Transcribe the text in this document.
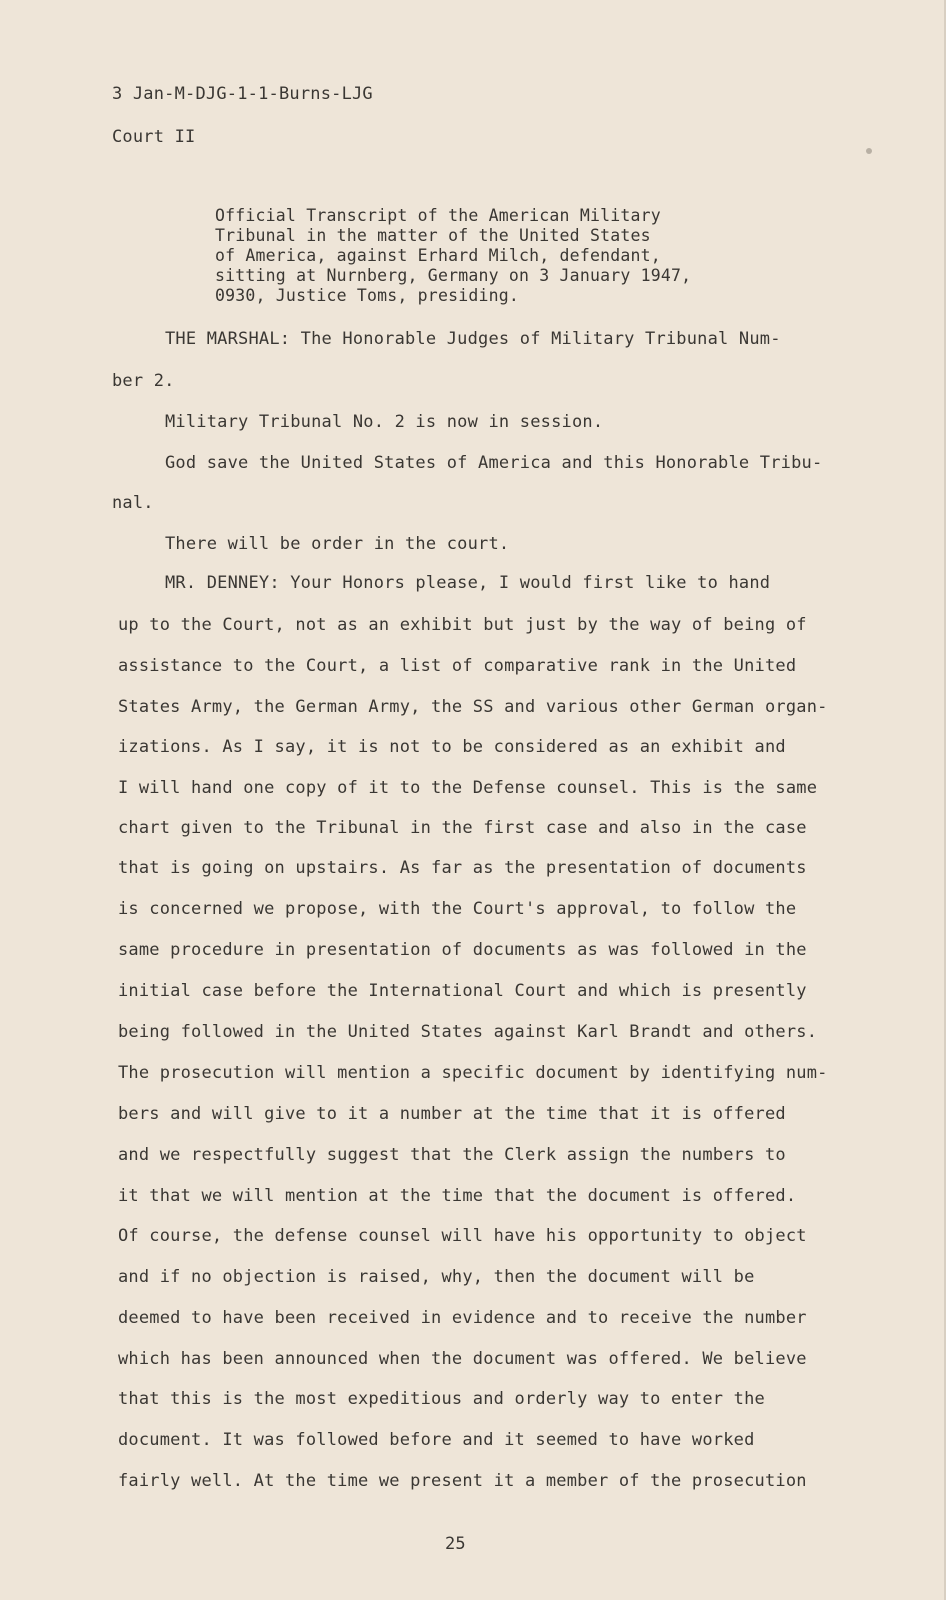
3 Jan-M-DJG-1-1-Burns-LJG
Court II
Official Transcript of the American Military
Tribunal in the matter of the United States
of America, against Erhard Milch, defendant,
sitting at Nurnberg, Germany on 3 January 1947,
0930, Justice Toms, presiding.
THE MARSHAL: The Honorable Judges of Military Tribunal Num-
ber 2.
Military Tribunal No. 2 is now in session.
God save the United States of America and this Honorable Tribu-
nal.
There will be order in the court.
MR. DENNEY: Your Honors please, I would first like to hand
up to the Court, not as an exhibit but just by the way of being of
assistance to the Court, a list of comparative rank in the United
States Army, the German Army, the SS and various other German organ-
izations. As I say, it is not to be considered as an exhibit and
I will hand one copy of it to the Defense counsel. This is the same
chart given to the Tribunal in the first case and also in the case
that is going on upstairs. As far as the presentation of documents
is concerned we propose, with the Court's approval, to follow the
same procedure in presentation of documents as was followed in the
initial case before the International Court and which is presently
being followed in the United States against Karl Brandt and others.
The prosecution will mention a specific document by identifying num-
bers and will give to it a number at the time that it is offered
and we respectfully suggest that the Clerk assign the numbers to
it that we will mention at the time that the document is offered.
Of course, the defense counsel will have his opportunity to object
and if no objection is raised, why, then the document will be
deemed to have been received in evidence and to receive the number
which has been announced when the document was offered. We believe
that this is the most expeditious and orderly way to enter the
document. It was followed before and it seemed to have worked
fairly well. At the time we present it a member of the prosecution
25
